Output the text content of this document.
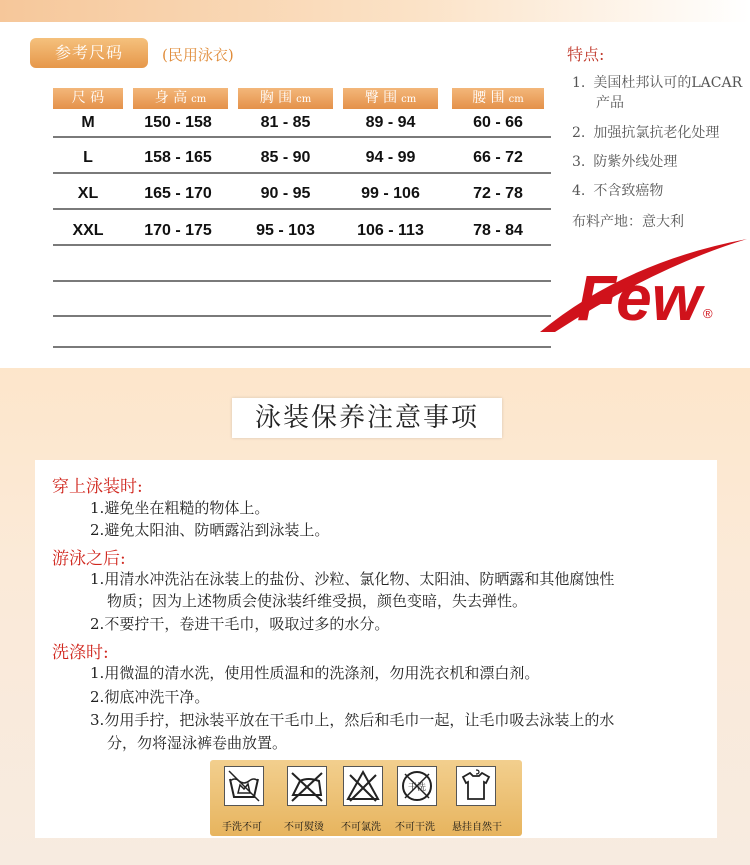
参考尺码	(民用泳衣)
尺 码	身 高 cm	胸 围 cm	臀 围 cm	腰 围 cm
M	150 - 158	81 - 85	89 - 94	60 - 66
L	158 - 165	85 - 90	94 - 99	66 - 72
XL	165 - 170	90 - 95	99 - 106	72 - 78
XXL	170 - 175	95 - 103	106 - 113	78 - 84
特点:
1. 美国杜邦认可的LACAR
产品
2. 加强抗氯抗老化处理
3. 防紫外线处理
4. 不含致癌物
布料产地：意大利
Few ®
泳装保养注意事项
穿上泳装时:
1.避免坐在粗糙的物体上。
2.避免太阳油、防晒露沾到泳装上。
游泳之后:
1.用清水冲洗沾在泳装上的盐份、沙粒、氯化物、太阳油、防晒露和其他腐蚀性
物质；因为上述物质会使泳装纤维受损，颜色变暗，失去弹性。
2.不要拧干，卷进干毛巾，吸取过多的水分。
洗涤时:
1.用微温的清水洗，使用性质温和的洗涤剂，勿用洗衣机和漂白剂。
2.彻底冲洗干净。
3.勿用手拧，把泳装平放在干毛巾上，然后和毛巾一起，让毛巾吸去泳装上的水
分，勿将湿泳裤卷曲放置。
干洗
手洗不可 不可熨烫 不可氯洗 不可干洗 悬挂自然干
